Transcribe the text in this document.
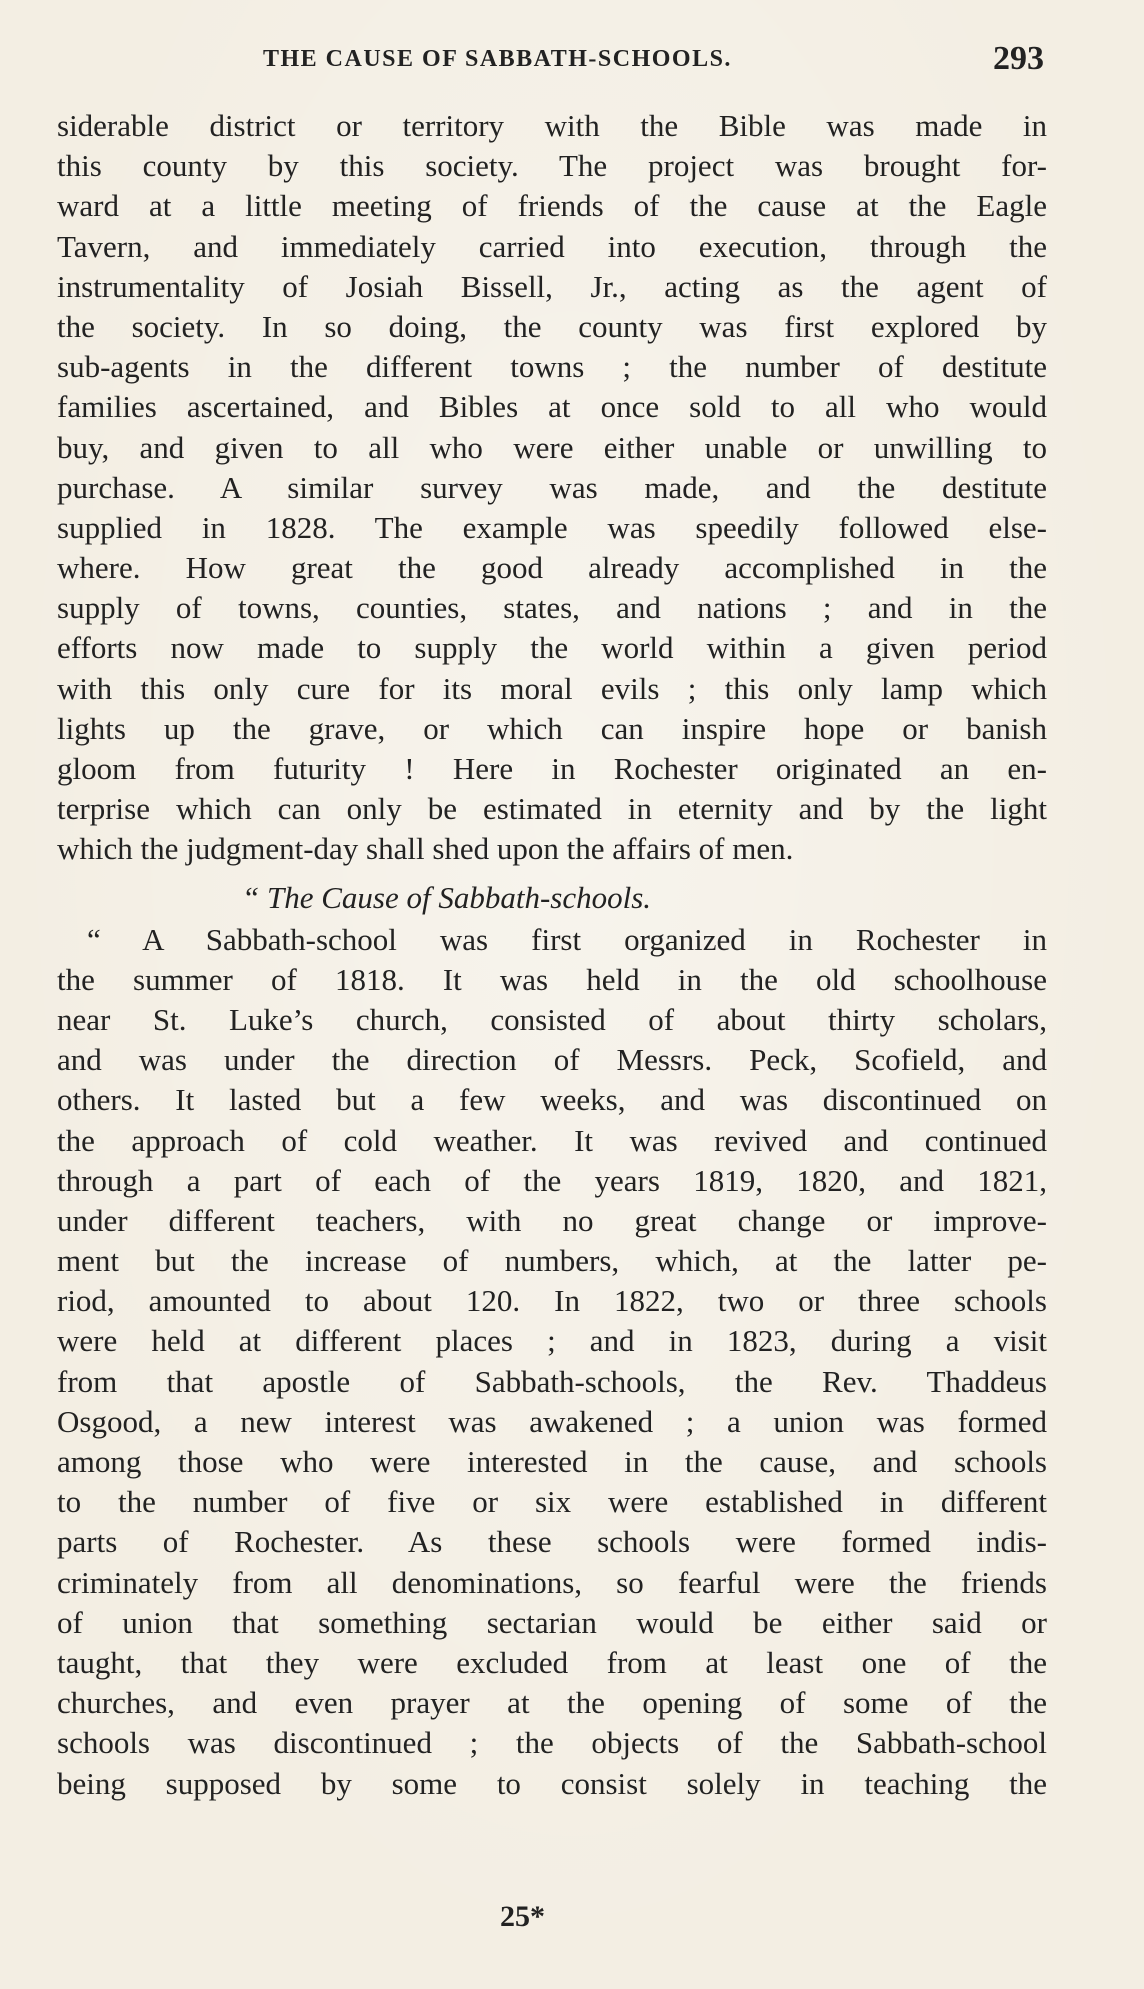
THE CAUSE OF SABBATH-SCHOOLS.	293
siderable district or territory with the Bible was made in
this county by this society. The project was brought for-
ward at a little meeting of friends of the cause at the Eagle
Tavern, and immediately carried into execution, through the
instrumentality of Josiah Bissell, Jr., acting as the agent of
the society. In so doing, the county was first explored by
sub-agents in the different towns ; the number of destitute
families ascertained, and Bibles at once sold to all who would
buy, and given to all who were either unable or unwilling to
purchase. A similar survey was made, and the destitute
supplied in 1828. The example was speedily followed else-
where. How great the good already accomplished in the
supply of towns, counties, states, and nations ; and in the
efforts now made to supply the world within a given period
with this only cure for its moral evils ; this only lamp which
lights up the grave, or which can inspire hope or banish
gloom from futurity ! Here in Rochester originated an en-
terprise which can only be estimated in eternity and by the light
which the judgment-day shall shed upon the affairs of men.
“ The Cause of Sabbath-schools.
“ A Sabbath-school was first organized in Rochester in
the summer of 1818. It was held in the old schoolhouse
near St. Luke’s church, consisted of about thirty scholars,
and was under the direction of Messrs. Peck, Scofield, and
others. It lasted but a few weeks, and was discontinued on
the approach of cold weather. It was revived and continued
through a part of each of the years 1819, 1820, and 1821,
under different teachers, with no great change or improve-
ment but the increase of numbers, which, at the latter pe-
riod, amounted to about 120. In 1822, two or three schools
were held at different places ; and in 1823, during a visit
from that apostle of Sabbath-schools, the Rev. Thaddeus
Osgood, a new interest was awakened ; a union was formed
among those who were interested in the cause, and schools
to the number of five or six were established in different
parts of Rochester. As these schools were formed indis-
criminately from all denominations, so fearful were the friends
of union that something sectarian would be either said or
taught, that they were excluded from at least one of the
churches, and even prayer at the opening of some of the
schools was discontinued ; the objects of the Sabbath-school
being supposed by some to consist solely in teaching the
25*
